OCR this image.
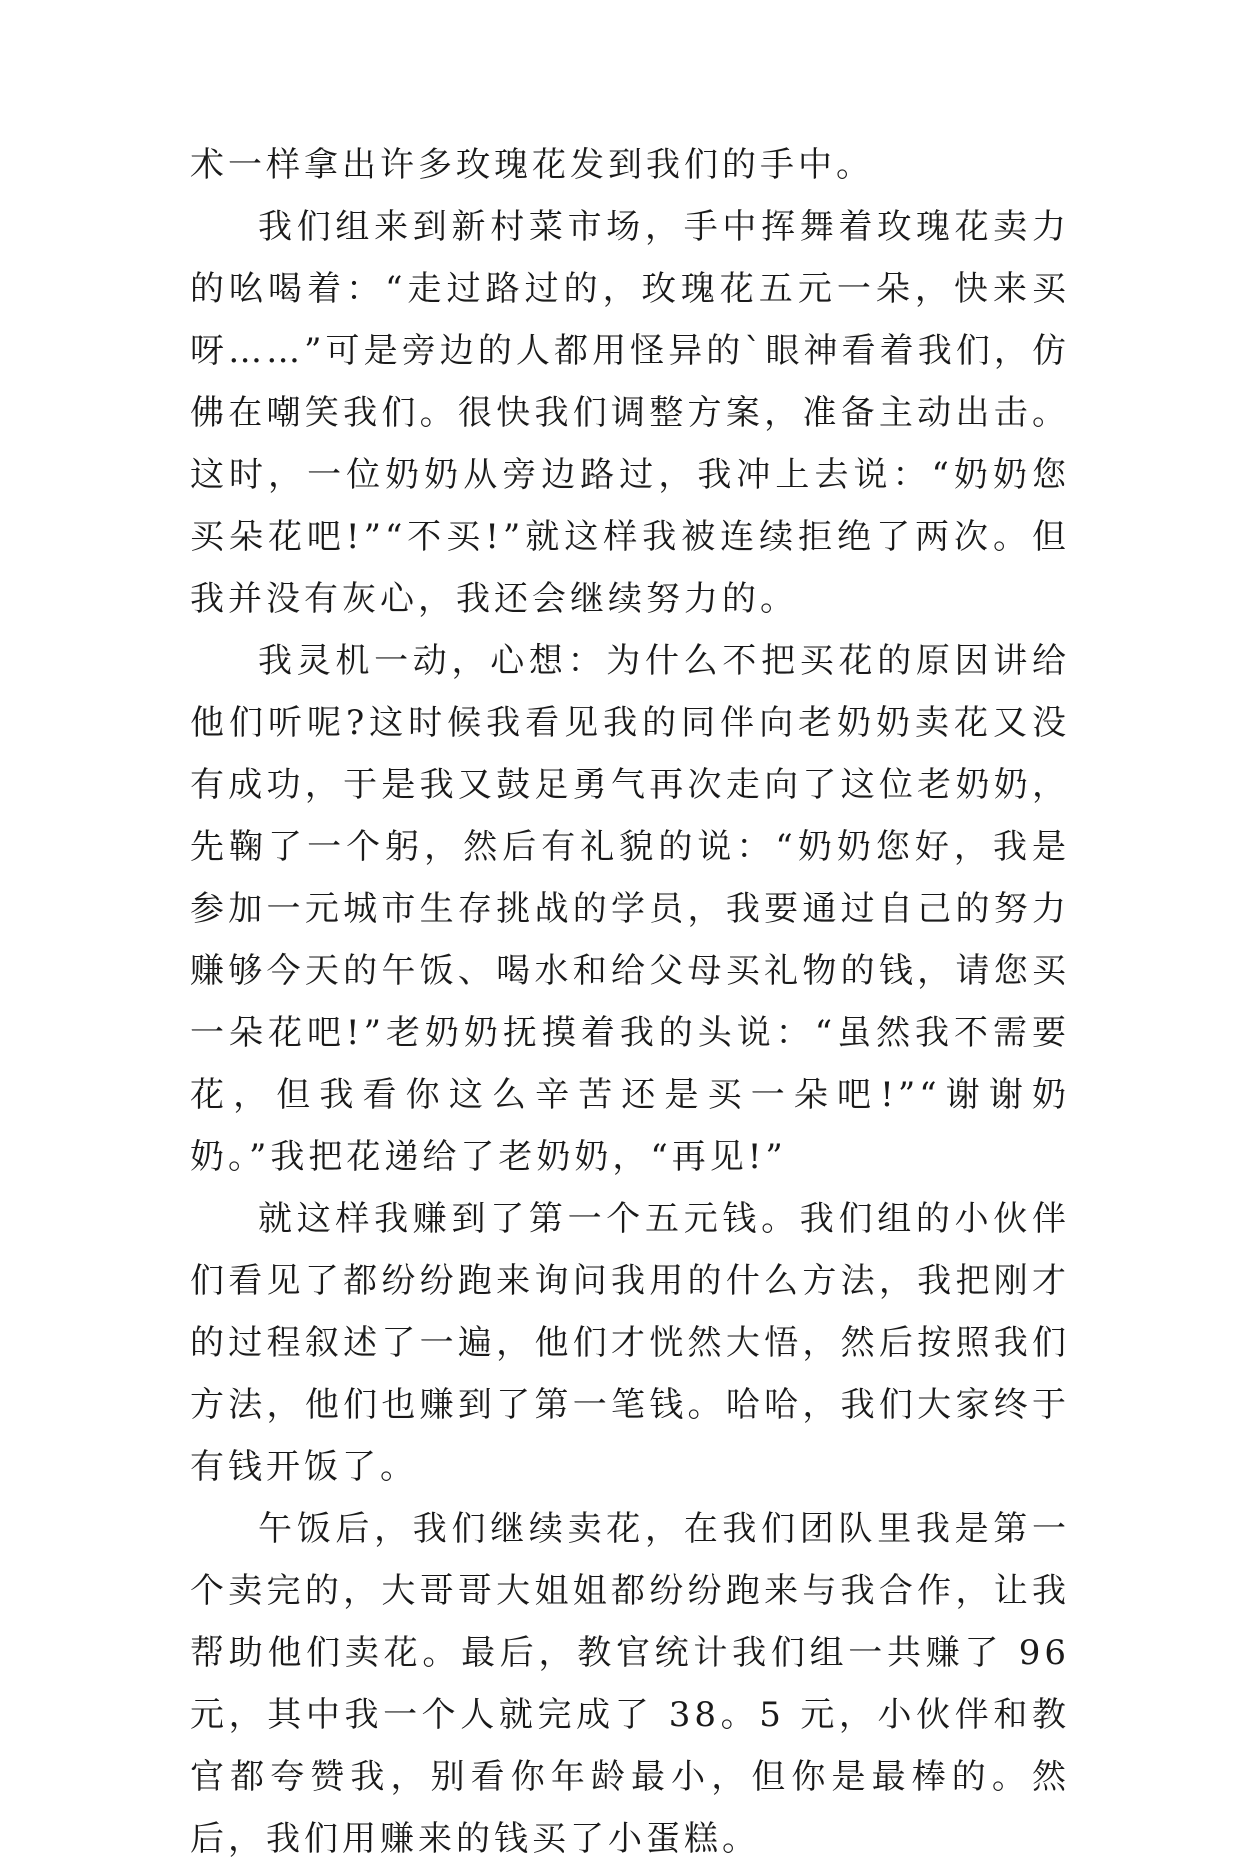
术一样拿出许多玫瑰花发到我们的手中。

我们组来到新村菜市场，手中挥舞着玫瑰花卖力的吆喝着：“走过路过的，玫瑰花五元一朵，快来买呀……”可是旁边的人都用怪异的`眼神看着我们，仿佛在嘲笑我们。很快我们调整方案，准备主动出击。这时，一位奶奶从旁边路过，我冲上去说：“奶奶您买朵花吧!”“不买!”就这样我被连续拒绝了两次。但我并没有灰心，我还会继续努力的。

我灵机一动，心想：为什么不把买花的原因讲给他们听呢?这时候我看见我的同伴向老奶奶卖花又没有成功，于是我又鼓足勇气再次走向了这位老奶奶，先鞠了一个躬，然后有礼貌的说：“奶奶您好，我是参加一元城市生存挑战的学员，我要通过自己的努力赚够今天的午饭、喝水和给父母买礼物的钱，请您买一朵花吧!”老奶奶抚摸着我的头说：“虽然我不需要花，但我看你这么辛苦还是买一朵吧!”“谢谢奶奶。”我把花递给了老奶奶，“再见!”

就这样我赚到了第一个五元钱。我们组的小伙伴们看见了都纷纷跑来询问我用的什么方法，我把刚才的过程叙述了一遍，他们才恍然大悟，然后按照我们方法，他们也赚到了第一笔钱。哈哈，我们大家终于有钱开饭了。

午饭后，我们继续卖花，在我们团队里我是第一个卖完的，大哥哥大姐姐都纷纷跑来与我合作，让我帮助他们卖花。最后，教官统计我们组一共赚了 96 元，其中我一个人就完成了 38。5 元，小伙伴和教官都夸赞我，别看你年龄最小，但你是最棒的。然后，我们用赚来的钱买了小蛋糕。
